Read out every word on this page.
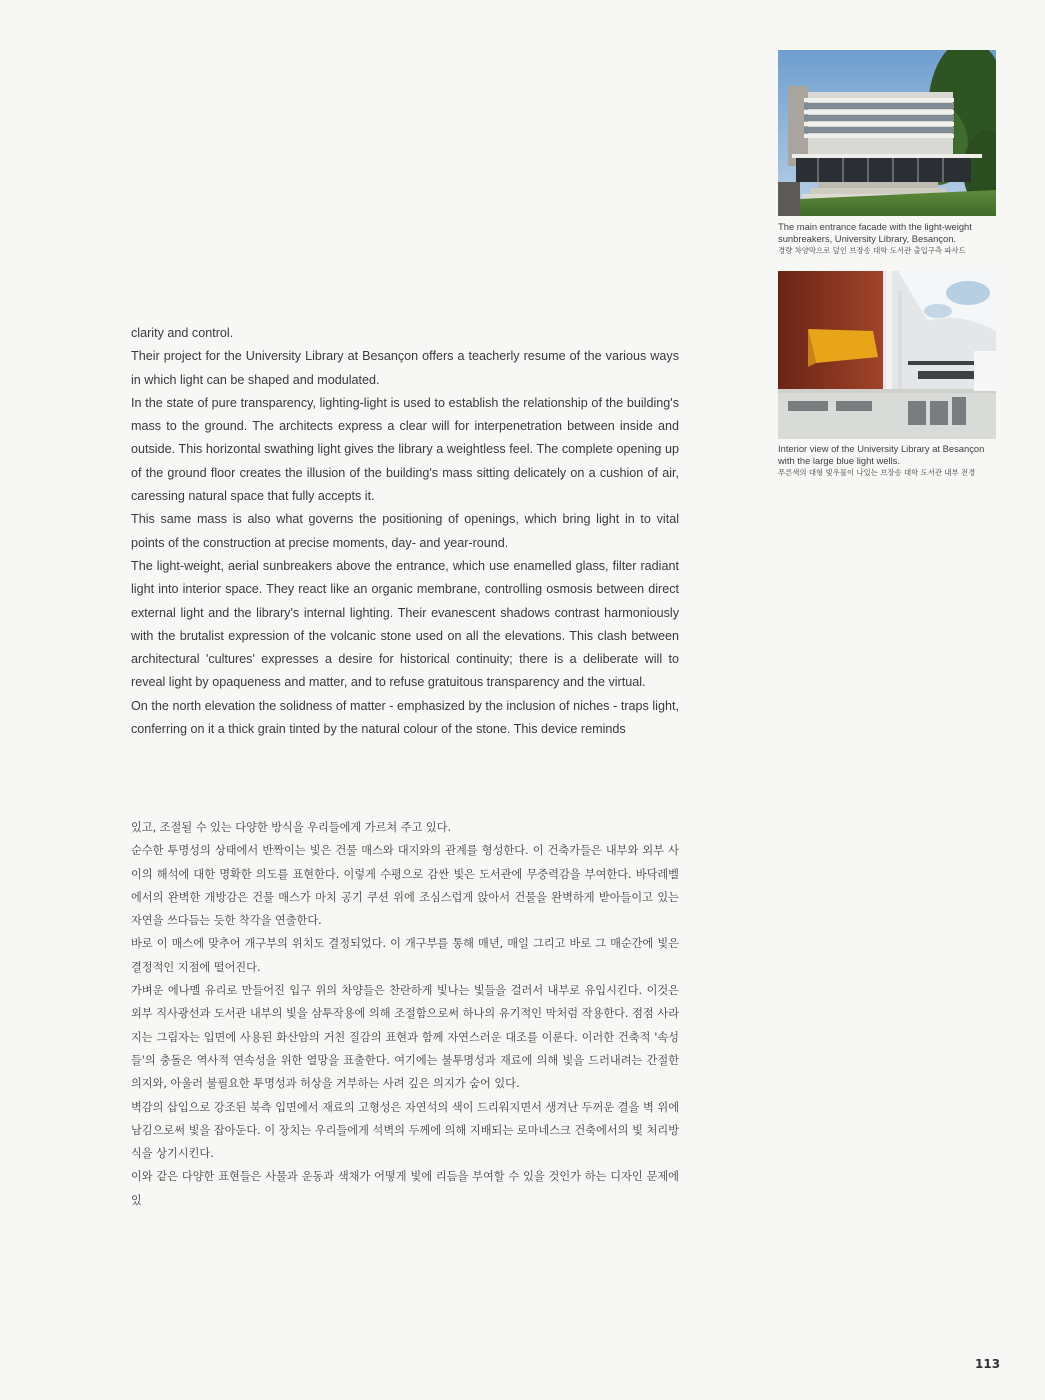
The main entrance facade with the light-weight sunbreakers, University Library, Besançon.
경량 차양막으로 덮인 브장송 대학 도서관 출입구측 파사드
Interior view of the University Library at Besançon with the large blue light wells.
푸른색의 대형 빛우물이 나있는 브장송 대학 도서관 내부 전경

clarity and control.

Their project for the University Library at Besançon offers a teacherly resume of the various ways in which light can be shaped and modulated.

In the state of pure transparency, lighting-light is used to establish the relationship of the building's mass to the ground. The architects express a clear will for interpenetration between inside and outside. This horizontal swathing light gives the library a weightless feel. The complete opening up of the ground floor creates the illusion of the building's mass sitting delicately on a cushion of air, caressing natural space that fully accepts it.

This same mass is also what governs the positioning of openings, which bring light in to vital points of the construction at precise moments, day- and year-round.

The light-weight, aerial sunbreakers above the entrance, which use enamelled glass, filter radiant light into interior space. They react like an organic membrane, controlling osmosis between direct external light and the library's internal lighting. Their evanescent shadows contrast harmoniously with the brutalist expression of the volcanic stone used on all the elevations. This clash between architectural 'cultures' expresses a desire for historical continuity; there is a deliberate will to reveal light by opaqueness and matter, and to refuse gratuitous transparency and the virtual.

On the north elevation the solidness of matter - emphasized by the inclusion of niches - traps light, conferring on it a thick grain tinted by the natural colour of the stone. This device reminds

있고, 조절될 수 있는 다양한 방식을 우리들에게 가르쳐 주고 있다.

순수한 투명성의 상태에서 반짝이는 빛은 건물 매스와 대지와의 관계를 형성한다. 이 건축가들은 내부와 외부 사이의 해석에 대한 명확한 의도를 표현한다. 이렇게 수평으로 감싼 빛은 도서관에 무중력감을 부여한다. 바닥레벨에서의 완벽한 개방감은 건물 매스가 마치 공기 쿠션 위에 조심스럽게 앉아서 건물을 완벽하게 받아들이고 있는 자연을 쓰다듬는 듯한 착각을 연출한다.

바로 이 매스에 맞추어 개구부의 위치도 결정되었다. 이 개구부를 통해 매년, 매일 그리고 바로 그 매순간에 빛은 결정적인 지점에 떨어진다.

가벼운 에나멜 유리로 만들어진 입구 위의 차양들은 찬란하게 빛나는 빛들을 걸러서 내부로 유입시킨다. 이것은 외부 직사광선과 도서관 내부의 빛을 삼투작용에 의해 조절함으로써 하나의 유기적인 막처럼 작용한다. 점점 사라지는 그림자는 입면에 사용된 화산암의 거친 질감의 표현과 함께 자연스러운 대조를 이룬다. 이러한 건축적 '속성들'의 충돌은 역사적 연속성을 위한 열망을 표출한다. 여기에는 불투명성과 재료에 의해 빛을 드러내려는 간절한 의지와, 아울러 불필요한 투명성과 허상을 거부하는 사려 깊은 의지가 숨어 있다.

벽감의 삽입으로 강조된 북측 입면에서 재료의 고형성은 자연석의 색이 드리워지면서 생겨난 두꺼운 결을 벽 위에 남김으로써 빛을 잡아둔다. 이 장치는 우리들에게 석벽의 두께에 의해 지배되는 로마네스크 건축에서의 빛 처리방식을 상기시킨다.

이와 같은 다양한 표현들은 사물과 운동과 색채가 어떻게 빛에 리듬을 부여할 수 있을 것인가 하는 디자인 문제에 있

113
